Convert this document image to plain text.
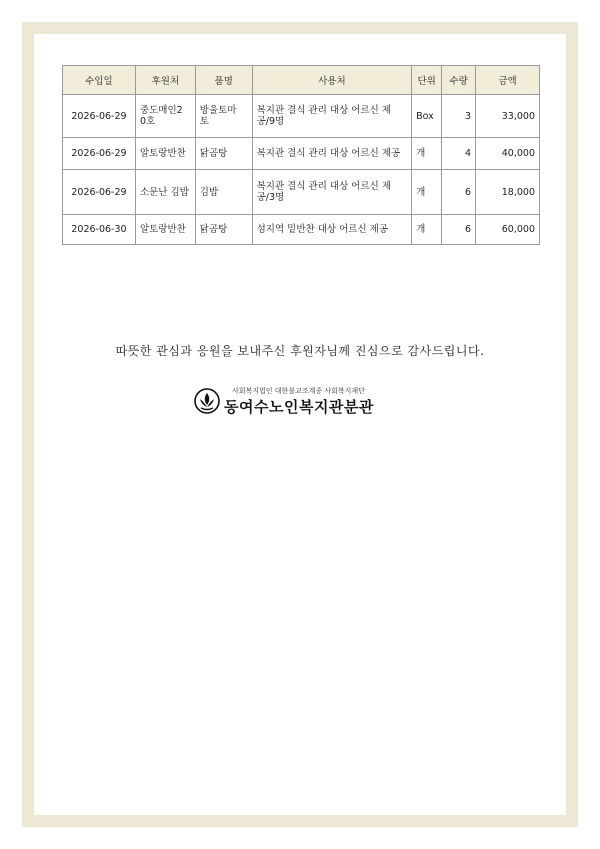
수입일	후원처	품명	사용처	단위	수량	금액
2026-06-29	중도매인2 0호	방울토마 토	복지관 결식 관리 대상 어르신 제공/9명	Box	3	33,000
2026-06-29	알토랑반찬	닭곰탕	복지관 결식 관리 대상 어르신 제공	개	4	40,000
2026-06-29	소문난 김밥	김밥	복지관 결식 관리 대상 어르신 제공/3명	개	6	18,000
2026-06-30	알토랑반찬	닭곰탕	섬지역 밑반찬 대상 어르신 제공	개	6	60,000
따뜻한 관심과 응원을 보내주신 후원자님께 진심으로 감사드립니다.
사회복지법인 대한불교조계종 사회복지재단
동여수노인복지관분관
